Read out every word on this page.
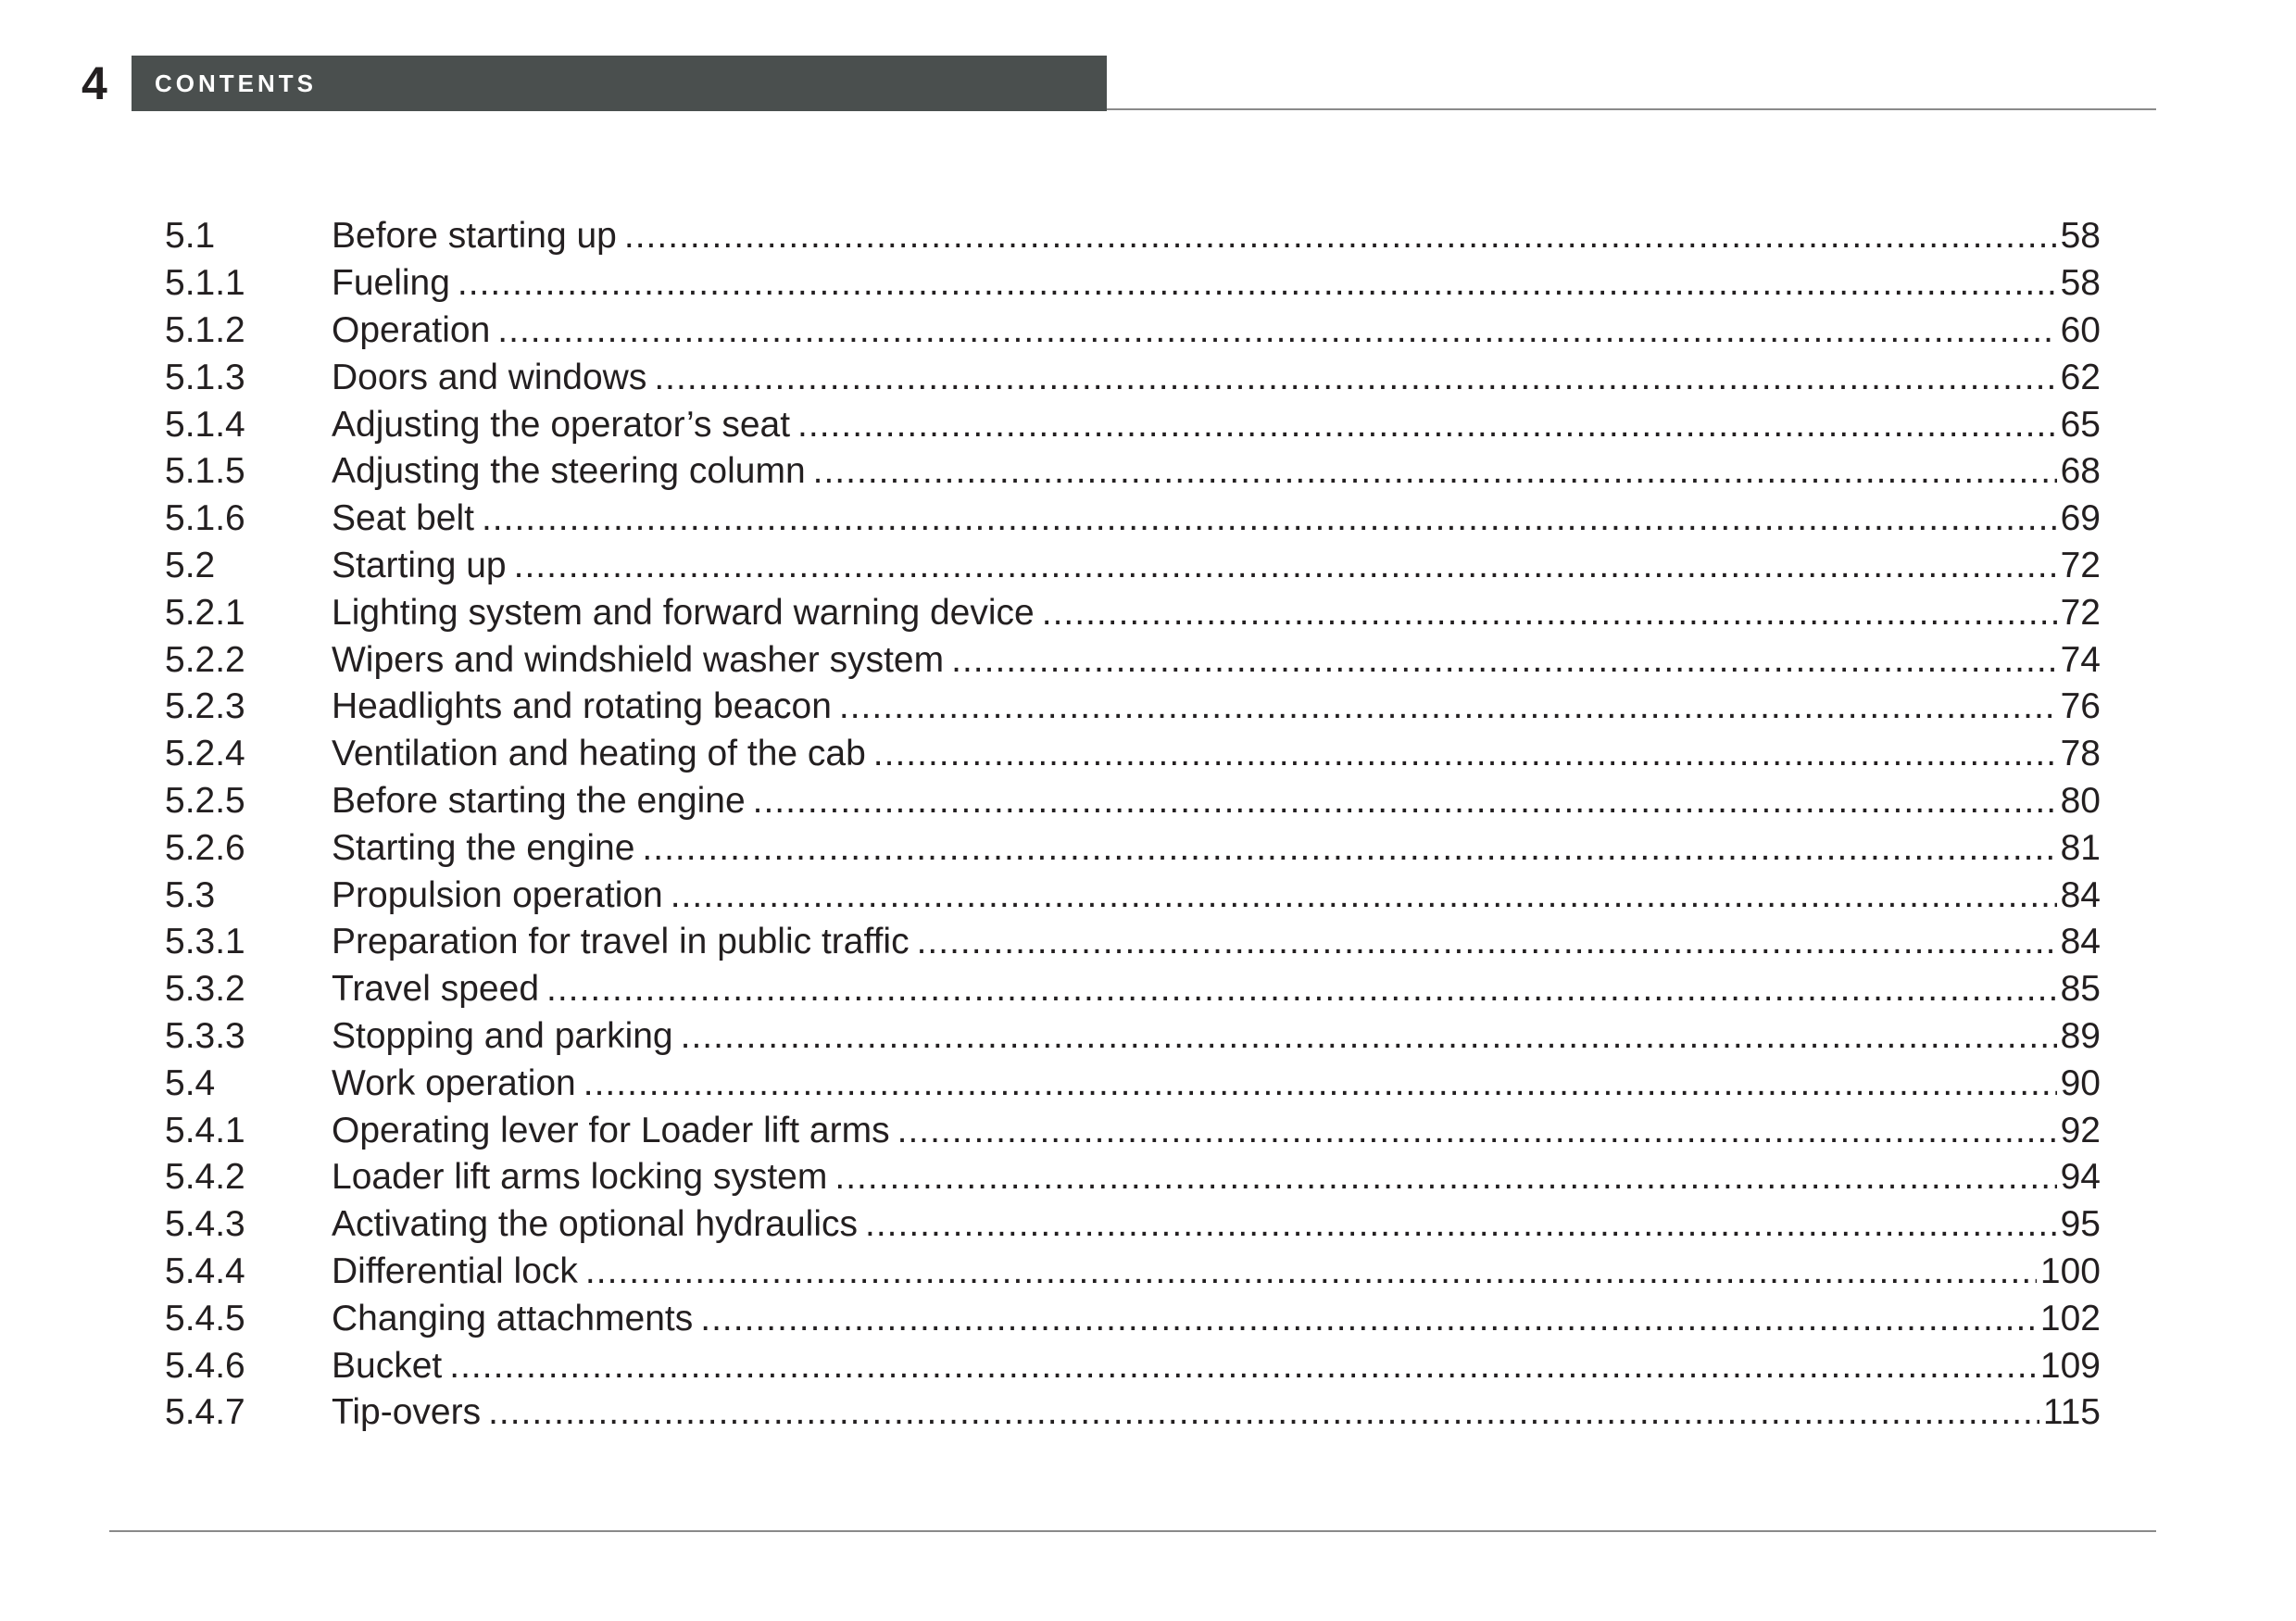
4 CONTENTS
5.1	Before starting up .....	58
5.1.1	Fueling .....	58
5.1.2	Operation .....	60
5.1.3	Doors and windows .....	62
5.1.4	Adjusting the operator’s seat .....	65
5.1.5	Adjusting the steering column .....	68
5.1.6	Seat belt .....	69
5.2	Starting up .....	72
5.2.1	Lighting system and forward warning device .....	72
5.2.2	Wipers and windshield washer system .....	74
5.2.3	Headlights and rotating beacon .....	76
5.2.4	Ventilation and heating of the cab .....	78
5.2.5	Before starting the engine .....	80
5.2.6	Starting the engine .....	81
5.3	Propulsion operation .....	84
5.3.1	Preparation for travel in public traffic .....	84
5.3.2	Travel speed .....	85
5.3.3	Stopping and parking .....	89
5.4	Work operation .....	90
5.4.1	Operating lever for Loader lift arms .....	92
5.4.2	Loader lift arms locking system .....	94
5.4.3	Activating the optional hydraulics .....	95
5.4.4	Differential lock .....	100
5.4.5	Changing attachments .....	102
5.4.6	Bucket .....	109
5.4.7	Tip-overs .....	115
